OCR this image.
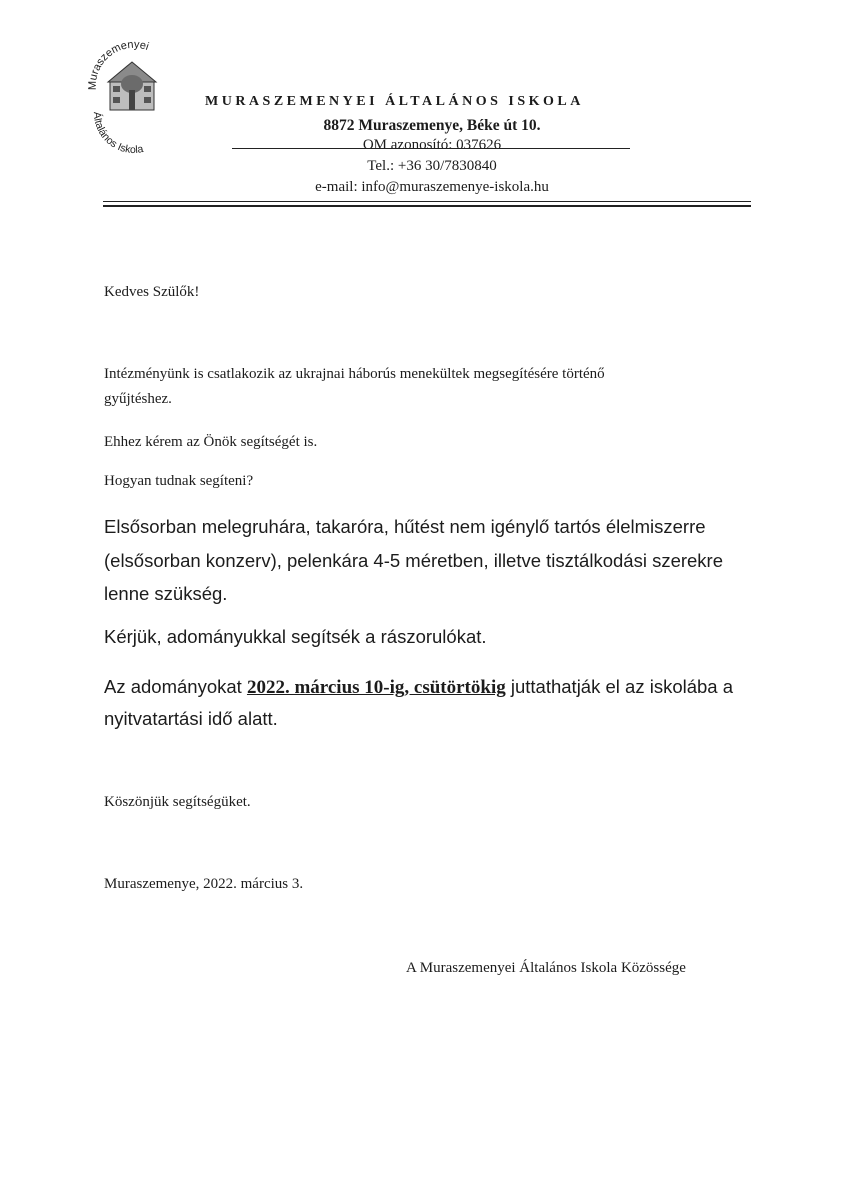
Muraszemenyei
Általános Iskola
MURASZEMENYEI ÁLTALÁNOS ISKOLA
8872 Muraszemenye, Béke út 10.
OM azonosító: 037626
Tel.: +36 30/7830840
e-mail: info@muraszemenye-iskola.hu
Kedves Szülők!
Intézményünk is csatlakozik az ukrajnai háborús menekültek megsegítésére történő
gyűjtéshez.
Ehhez kérem az Önök segítségét is.
Hogyan tudnak segíteni?
Elsősorban melegruhára, takaróra, hűtést nem igénylő tartós élelmiszerre
(elsősorban konzerv), pelenkára 4-5 méretben, illetve tisztálkodási szerekre
lenne szükség.
Kérjük, adományukkal segítsék a rászorulókat.
Az adományokat 2022. március 10-ig, csütörtökig juttathatják el az iskolába a
nyitvatartási idő alatt.
Köszönjük segítségüket.
Muraszemenye, 2022. március 3.
A Muraszemenyei Általános Iskola Közössége
